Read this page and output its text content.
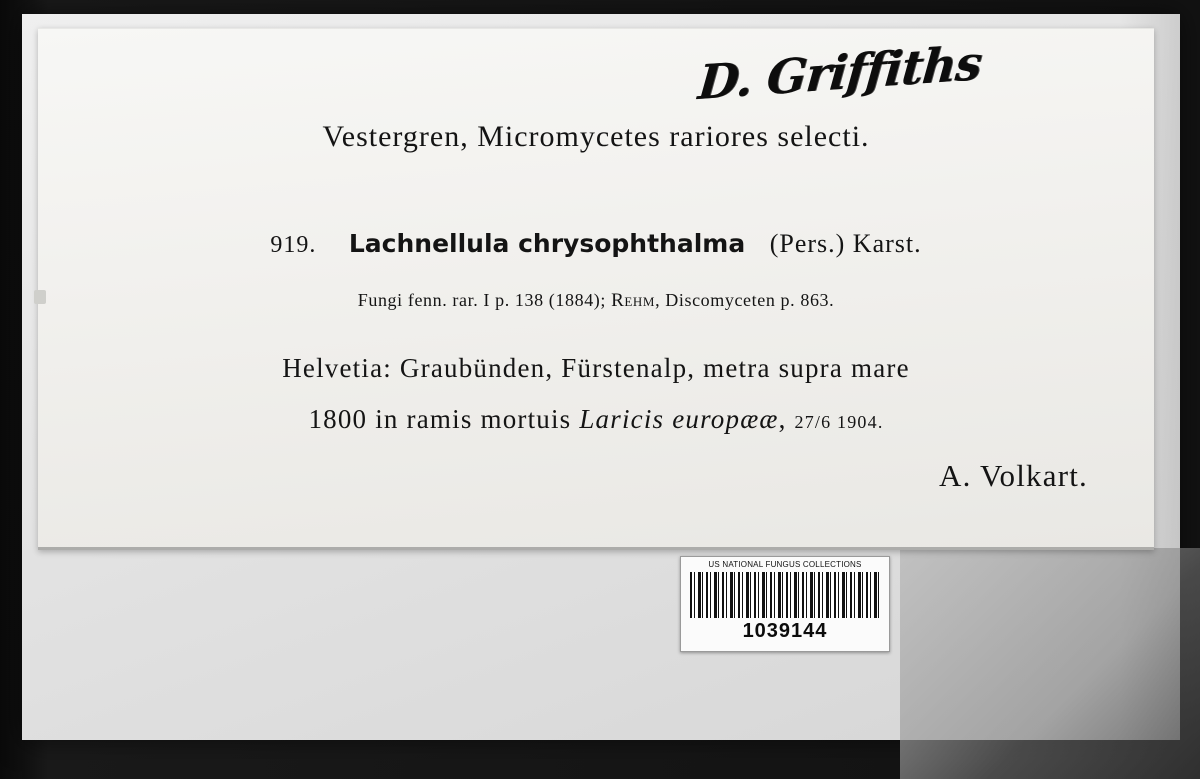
D. Griffiths
Vestergren, Micromycetes rariores selecti.
919. Lachnellula chrysophthalma (Pers.) Karst.
Fungi fenn. rar. I p. 138 (1884); Rehm, Discomyceten p. 863.
Helvetia: Graubünden, Fürstenalp, metra supra mare
1800 in ramis mortuis Laricis europææ, 27/6 1904.
A. Volkart.
US NATIONAL FUNGUS COLLECTIONS
1039144
